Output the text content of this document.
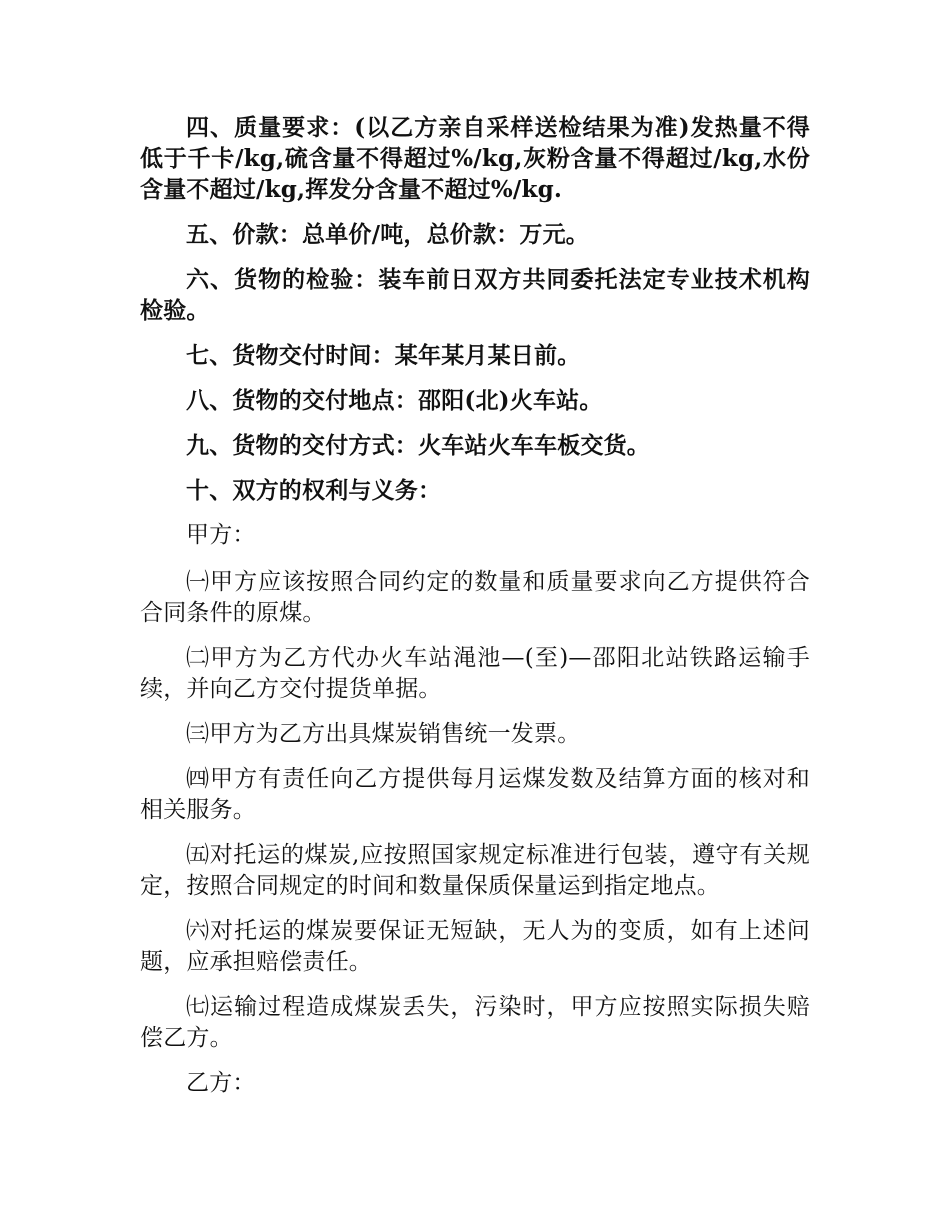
四、质量要求：(以乙方亲自采样送检结果为准)发热量不得低于千卡/kg,硫含量不得超过%/kg,灰粉含量不得超过/kg,水份含量不超过/kg,挥发分含量不超过%/kg.

五、价款：总单价/吨，总价款：万元。

六、货物的检验：装车前日双方共同委托法定专业技术机构检验。

七、货物交付时间：某年某月某日前。

八、货物的交付地点：邵阳(北)火车站。

九、货物的交付方式：火车站火车车板交货。

十、双方的权利与义务：

甲方：

㈠甲方应该按照合同约定的数量和质量要求向乙方提供符合合同条件的原煤。

㈡甲方为乙方代办火车站渑池—(至)—邵阳北站铁路运输手续，并向乙方交付提货单据。

㈢甲方为乙方出具煤炭销售统一发票。

㈣甲方有责任向乙方提供每月运煤发数及结算方面的核对和相关服务。

㈤对托运的煤炭,应按照国家规定标准进行包装，遵守有关规定，按照合同规定的时间和数量保质保量运到指定地点。

㈥对托运的煤炭要保证无短缺，无人为的变质，如有上述问题，应承担赔偿责任。

㈦运输过程造成煤炭丢失，污染时，甲方应按照实际损失赔偿乙方。

乙方：
